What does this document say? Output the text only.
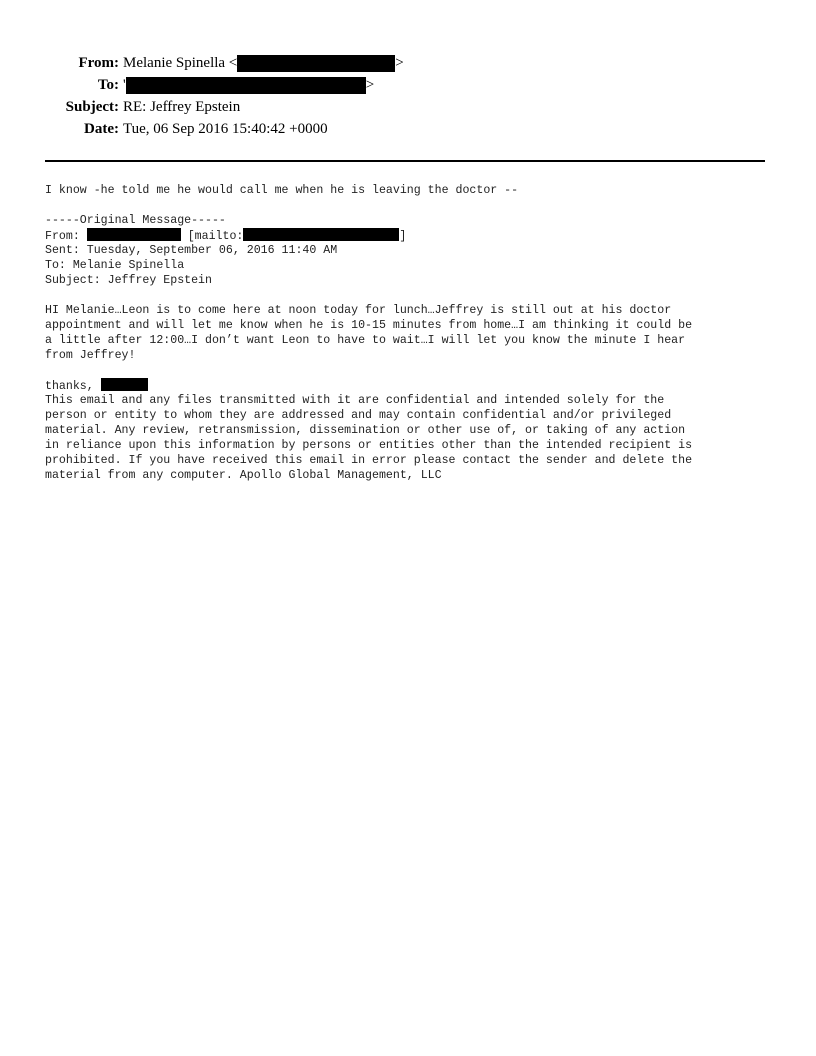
From: Melanie Spinella <	>
To: '	>
Subject: RE: Jeffrey Epstein
Date: Tue, 06 Sep 2016 15:40:42 +0000
I know -he told me he would call me when he is leaving the doctor --
-----Original Message-----
From:	[mailto:	]
Sent: Tuesday, September 06, 2016 11:40 AM
To: Melanie Spinella
Subject: Jeffrey Epstein
HI Melanie…Leon is to come here at noon today for lunch…Jeffrey is still out at his doctor
appointment and will let me know when he is 10-15 minutes from home…I am thinking it could be
a little after 12:00…I don’t want Leon to have to wait…I will let you know the minute I hear
from Jeffrey!
thanks,
This email and any files transmitted with it are confidential and intended solely for the
person or entity to whom they are addressed and may contain confidential and/or privileged
material. Any review, retransmission, dissemination or other use of, or taking of any action
in reliance upon this information by persons or entities other than the intended recipient is
prohibited. If you have received this email in error please contact the sender and delete the
material from any computer. Apollo Global Management, LLC
